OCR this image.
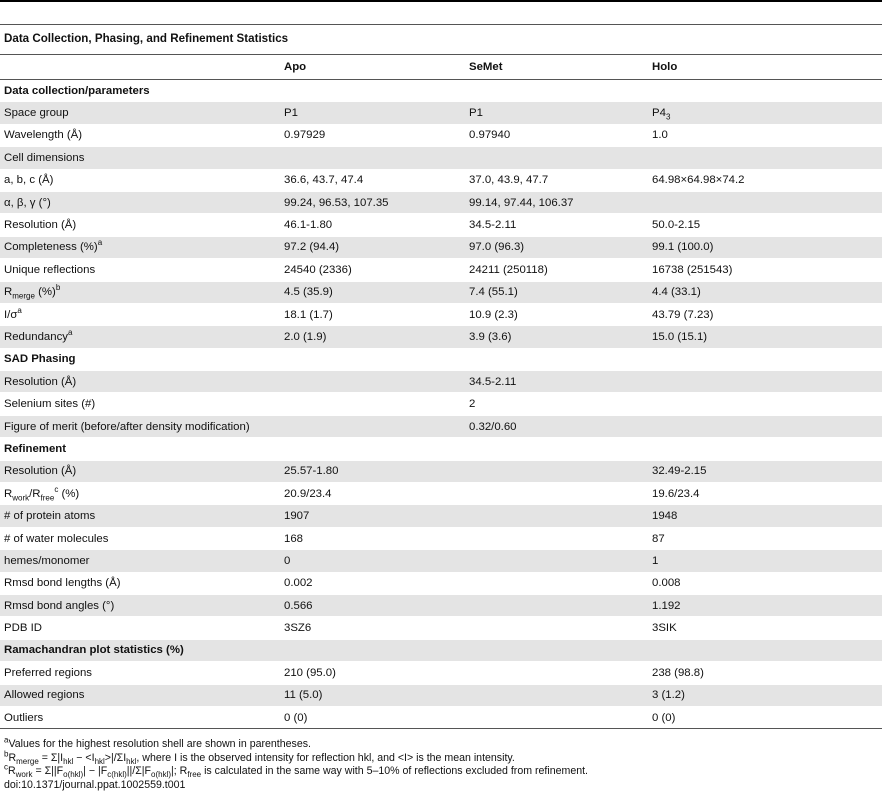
Data Collection, Phasing, and Refinement Statistics
	Apo	SeMet	Holo
Data collection/parameters			
Space group	P1	P1	$P4_3$
Wavelength (Å)	0.97929	0.97940	1.0
Cell dimensions			
a, b, c (Å)	36.6, 43.7, 47.4	37.0, 43.9, 47.7	64.98×64.98×74.2
α, β, γ (°)	99.24, 96.53, 107.35	99.14, 97.44, 106.37	
Resolution (Å)	46.1-1.80	34.5-2.11	50.0-2.15
Completeness (%)$^a$	97.2 (94.4)	97.0 (96.3)	99.1 (100.0)
Unique reflections	24540 (2336)	24211 (250118)	16738 (251543)
$R_{merge}$ (%)$^b$	4.5 (35.9)	7.4 (55.1)	4.4 (33.1)
$I/\sigma^a$	18.1 (1.7)	10.9 (2.3)	43.79 (7.23)
Redundancy$^a$	2.0 (1.9)	3.9 (3.6)	15.0 (15.1)
SAD Phasing			
Resolution (Å)		34.5-2.11	
Selenium sites (#)		2	
Figure of merit (before/after density modification)		0.32/0.60	
Refinement			
Resolution (Å)	25.57-1.80		32.49-2.15
$R_{work}/R_{free}^c$ (%)	20.9/23.4		19.6/23.4
# of protein atoms	1907		1948
# of water molecules	168		87
hemes/monomer	0		1
Rmsd bond lengths (Å)	0.002		0.008
Rmsd bond angles (°)	0.566		1.192
PDB ID	3SZ6		3SIK
Ramachandran plot statistics (%)			
Preferred regions	210 (95.0)		238 (98.8)
Allowed regions	11 (5.0)		3 (1.2)
Outliers	0 (0)		0 (0)
$^a$Values for the highest resolution shell are shown in parentheses.
$^bR_{merge} = \Sigma|I_{hkl} - <I_{hkl}>|/\Sigma I_{hkl}$, where I is the observed intensity for reflection hkl, and <I> is the mean intensity.
$^cR_{work} = \Sigma||F_{o(hkl)}| - |F_{c(hkl)}||/\Sigma|F_{o(hkl)}|$; $R_{free}$ is calculated in the same way with 5–10% of reflections excluded from refinement.
doi:10.1371/journal.ppat.1002559.t001
